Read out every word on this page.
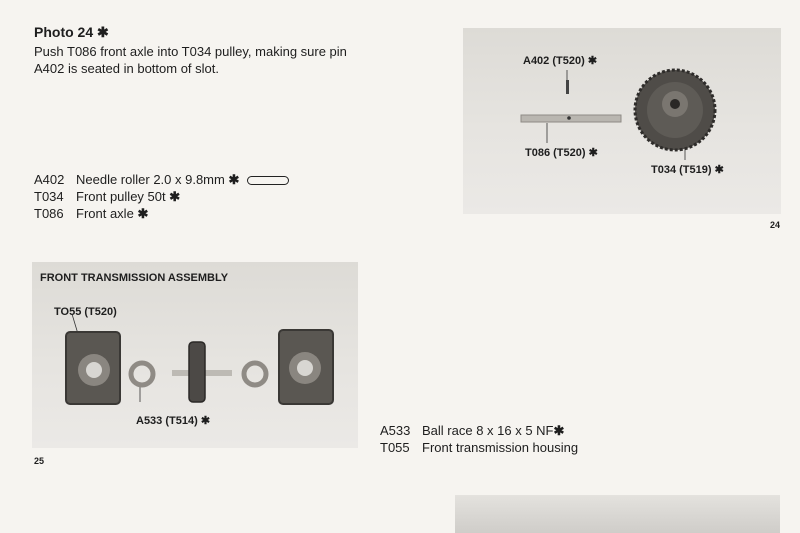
Photo 24 ✱
Push T086 front axle into T034 pulley, making sure pin
A402 is seated in bottom of slot.	A402 (T520) ✱
T086 (T520) ✱
T034 (T519) ✱
24
A402 Needle roller 2.0 x 9.8mm ✱
T034 Front pulley 50t ✱
T086 Front axle ✱
FRONT TRANSMISSION ASSEMBLY
TO55 (T520)
A533 (T514) ✱
25
A533 Ball race 8 x 16 x 5 NF✱
T055 Front transmission housing
